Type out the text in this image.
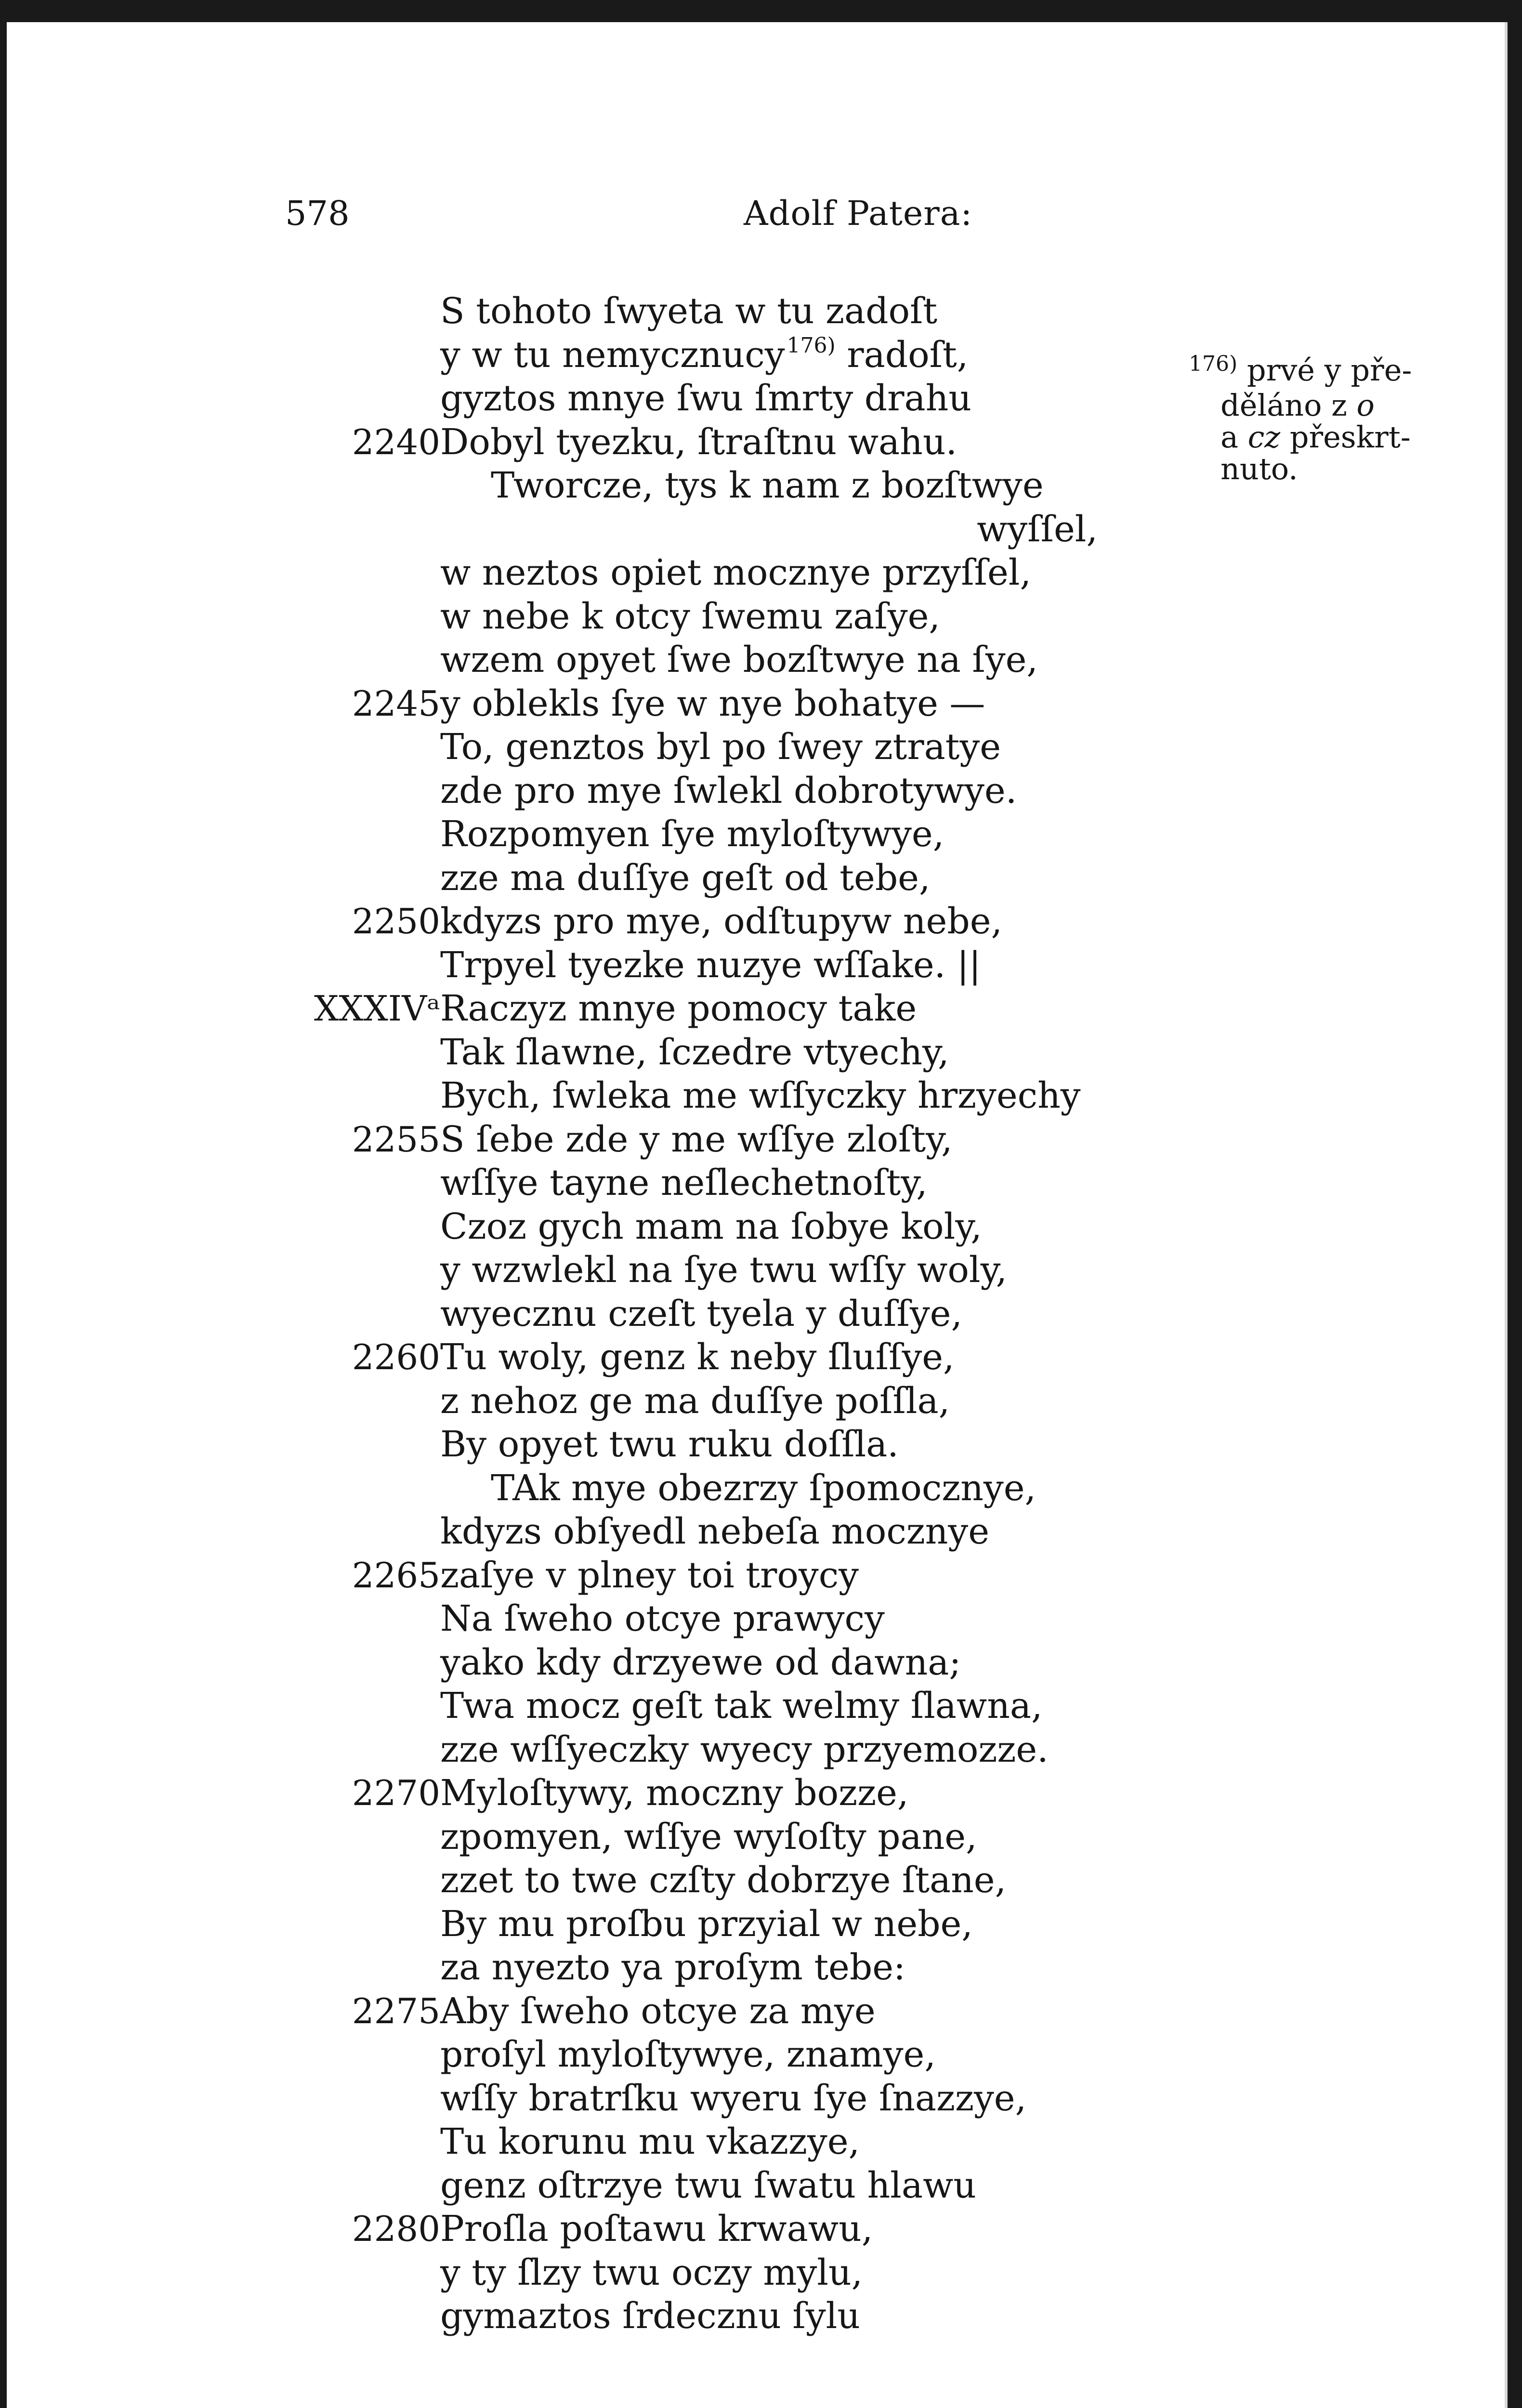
578	Adolf Patera:
S tohoto ſwyeta w tu zadoſt
y w tu nemycznucy$^{176)}$ radoſt,
gyztos mnye ſwu ſmrty drahu
2240 Dobyl tyezku, ſtraſtnu wahu.
Tworcze, tys k nam z bozſtwye
wyſſel,
w neztos opiet mocznye przyſſel,
w nebe k otcy ſwemu zaſye,
wzem opyet ſwe bozſtwye na ſye,
2245 y oblekls ſye w nye bohatye —
To, genztos byl po ſwey ztratye
zde pro mye ſwlekl dobrotywye.
Rozpomyen ſye myloſtywye,
zze ma duſſye geſt od tebe,
2250 kdyzs pro mye, odſtupyw nebe,
Trpyel tyezke nuzye wſſake. ||
XXXIVᵃ Raczyz mnye pomocy take
Tak ſlawne, ſczedre vtyechy,
Bych, ſwleka me wſſyczky hrzyechy
2255 S ſebe zde y me wſſye zloſty,
wſſye tayne neſlechetnoſty,
Czoz gych mam na ſobye koly,
y wzwlekl na ſye twu wſſy woly,
wyecznu czeſt tyela y duſſye,
2260 Tu woly, genz k neby ſluſſye,
z nehoz ge ma duſſye poſſla,
By opyet twu ruku doſſla.
TAk mye obezrzy ſpomocznye,
kdyzs obſyedl nebeſa mocznye
2265 zaſye v plney toi troycy
Na ſweho otcye prawycy
yako kdy drzyewe od dawna;
Twa mocz geſt tak welmy ſlawna,
zze wſſyeczky wyecy przyemozze.
2270 Myloſtywy, moczny bozze,
zpomyen, wſſye wyſoſty pane,
zzet to twe czſty dobrzye ſtane,
By mu proſbu przyial w nebe,
za nyezto ya proſym tebe:
2275 Aby ſweho otcye za mye
proſyl myloſtywye, znamye,
wſſy bratrſku wyeru ſye ſnazzye,
Tu korunu mu vkazzye,
genz oſtrzye twu ſwatu hlawu
2280 Proſla poſtawu krwawu,
y ty ſlzy twu oczy mylu,
gymaztos ſrdecznu ſylu
$^{176)}$ prvé y pře-
děláno z o
a cz přeskrt-
nuto.
